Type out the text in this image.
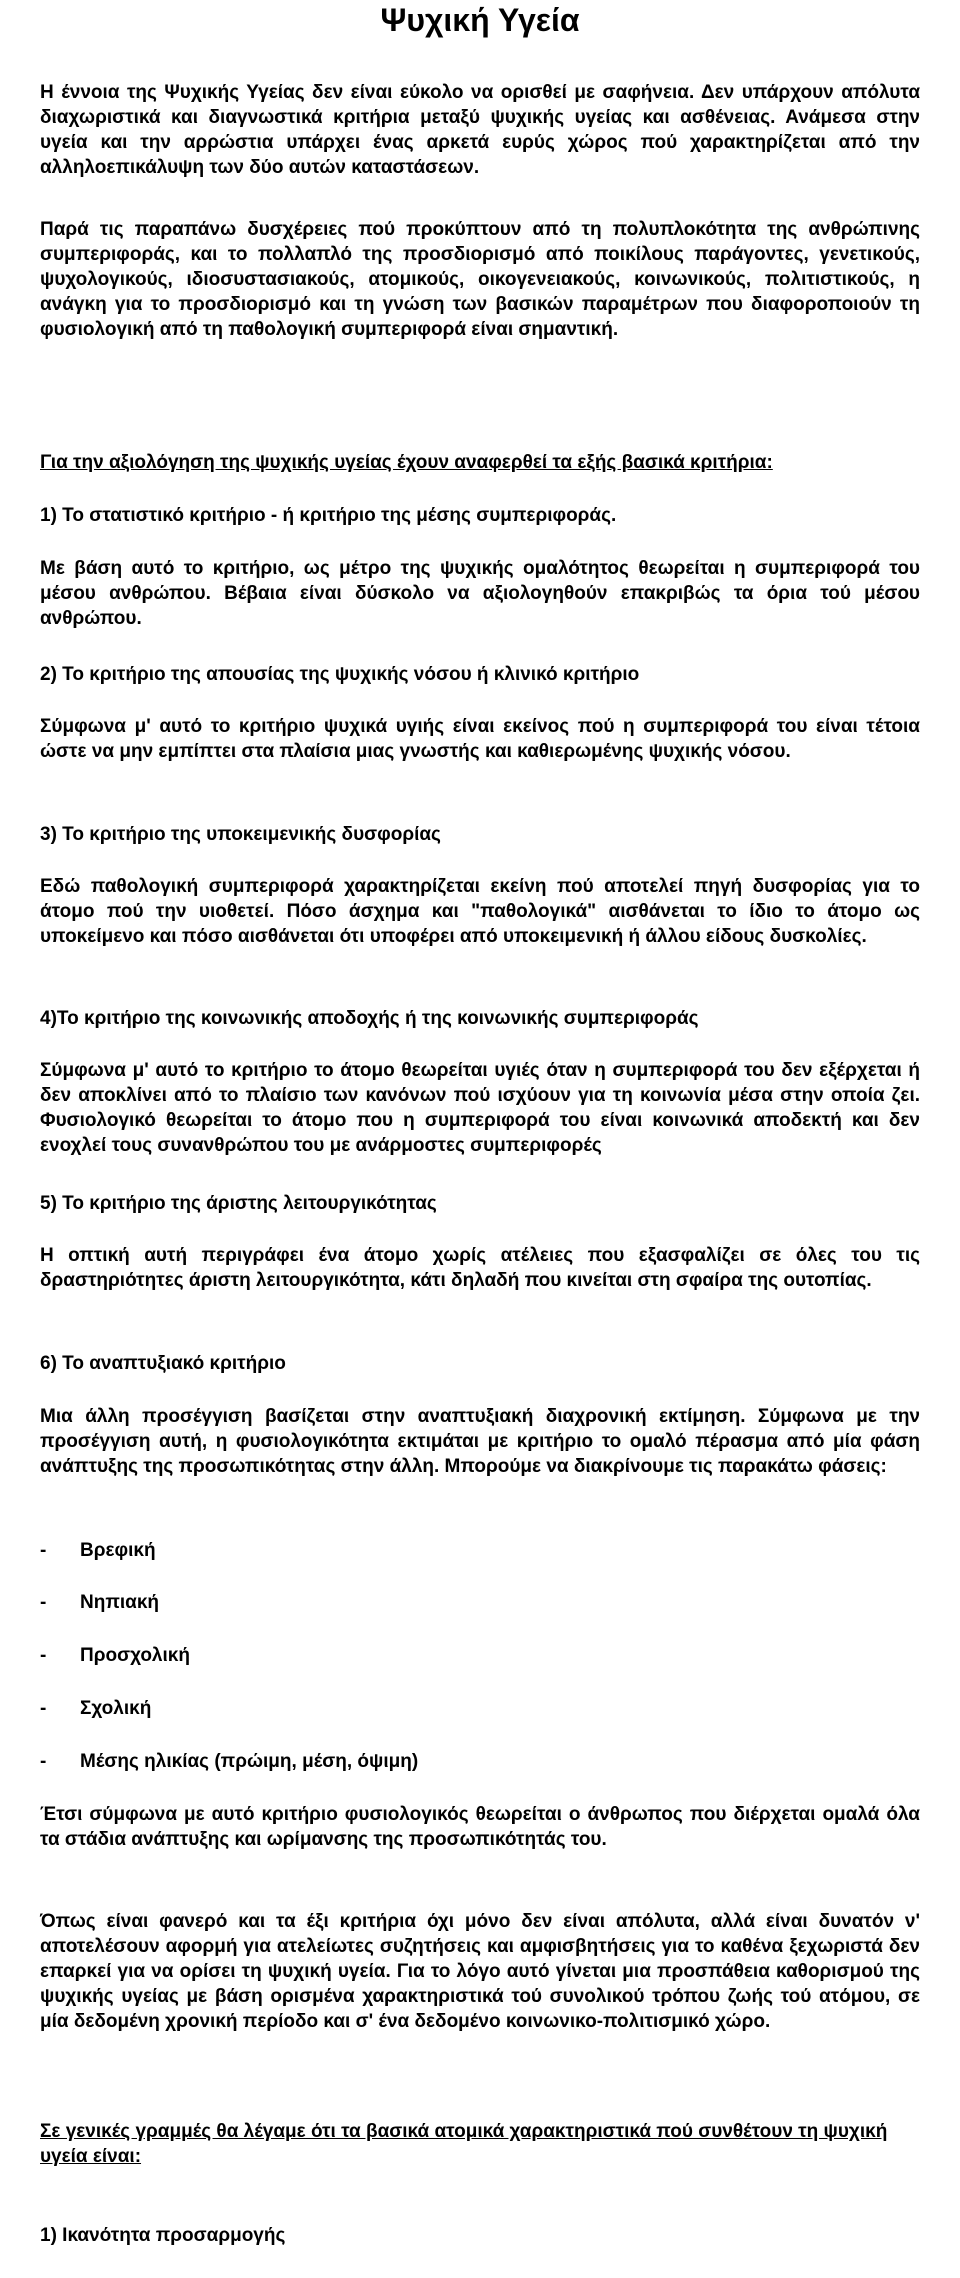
Ψυχική Υγεία

Η έννοια της Ψυχικής Υγείας δεν είναι εύκολο να ορισθεί με σαφήνεια. Δεν υπάρχουν απόλυτα διαχωριστικά και διαγνωστικά κριτήρια μεταξύ ψυχικής υγείας και ασθένειας. Ανάμεσα στην υγεία και την αρρώστια υπάρχει ένας αρκετά ευρύς χώρος πού χαρακτηρίζεται από την αλληλοεπικάλυψη των δύο αυτών καταστάσεων.

Παρά τις παραπάνω δυσχέρειες πού προκύπτουν από τη πολυπλοκότητα της ανθρώπινης συμπεριφοράς, και το πολλαπλό της προσδιορισμό από ποικίλους παράγοντες, γενετικούς, ψυχολογικούς, ιδιοσυστασιακούς, ατομικούς, οικογενειακούς, κοινωνικούς, πολιτιστικούς, η ανάγκη για το προσδιορισμό και τη γνώση των βασικών παραμέτρων που διαφοροποιούν τη φυσιολογική από τη παθολογική συμπεριφορά είναι σημαντική.

Για την αξιολόγηση της ψυχικής υγείας έχουν αναφερθεί τα εξής βασικά κριτήρια:

1) Το στατιστικό κριτήριο - ή κριτήριο της μέσης συμπεριφοράς.

Με βάση αυτό το κριτήριο, ως μέτρο της ψυχικής ομαλότητος θεωρείται η συμπεριφορά του μέσου ανθρώπου. Βέβαια είναι δύσκολο να αξιολογηθούν επακριβώς τα όρια τού μέσου ανθρώπου.

2) Το κριτήριο της απουσίας της ψυχικής νόσου ή κλινικό κριτήριο

Σύμφωνα μ' αυτό το κριτήριο ψυχικά υγιής είναι εκείνος πού η συμπεριφορά του είναι τέτοια ώστε να μην εμπίπτει στα πλαίσια μιας γνωστής και καθιερωμένης ψυχικής νόσου.

3) Το κριτήριο της υποκειμενικής δυσφορίας

Εδώ παθολογική συμπεριφορά χαρακτηρίζεται εκείνη πού αποτελεί πηγή δυσφορίας για το άτομο πού την υιοθετεί. Πόσο άσχημα και "παθολογικά" αισθάνεται το ίδιο το άτομο ως υποκείμενο και πόσο αισθάνεται ότι υποφέρει από υποκειμενική ή άλλου είδους δυσκολίες.

4)Το κριτήριο της κοινωνικής αποδοχής ή της κοινωνικής συμπεριφοράς

Σύμφωνα μ' αυτό το κριτήριο το άτομο θεωρείται υγιές όταν η συμπεριφορά του δεν εξέρχεται ή δεν αποκλίνει από το πλαίσιο των κανόνων πού ισχύουν για τη κοινωνία μέσα στην οποία ζει. Φυσιολογικό θεωρείται το άτομο που η συμπεριφορά του είναι κοινωνικά αποδεκτή και δεν ενοχλεί τους συνανθρώπου του με ανάρμοστες συμπεριφορές

5) Το κριτήριο της άριστης λειτουργικότητας

Η οπτική αυτή περιγράφει ένα άτομο χωρίς ατέλειες που εξασφαλίζει σε όλες του τις δραστηριότητες άριστη λειτουργικότητα, κάτι δηλαδή που κινείται στη σφαίρα της ουτοπίας.

6) Το αναπτυξιακό κριτήριο

Μια άλλη προσέγγιση βασίζεται στην αναπτυξιακή διαχρονική εκτίμηση. Σύμφωνα με την προσέγγιση αυτή, η φυσιολογικότητα εκτιμάται με κριτήριο το ομαλό πέρασμα από μία φάση ανάπτυξης της προσωπικότητας στην άλλη. Μπορούμε να διακρίνουμε τις παρακάτω φάσεις:

- Βρεφική

- Νηπιακή

- Προσχολική

- Σχολική

- Μέσης ηλικίας (πρώιμη, μέση, όψιμη)

Έτσι σύμφωνα με αυτό κριτήριο φυσιολογικός θεωρείται ο άνθρωπος που διέρχεται ομαλά όλα τα στάδια ανάπτυξης και ωρίμανσης της προσωπικότητάς του.

Όπως είναι φανερό και τα έξι κριτήρια όχι μόνο δεν είναι απόλυτα, αλλά είναι δυνατόν ν' αποτελέσουν αφορμή για ατελείωτες συζητήσεις και αμφισβητήσεις για το καθένα ξεχωριστά δεν επαρκεί για να ορίσει τη ψυχική υγεία. Για το λόγο αυτό γίνεται μια προσπάθεια καθορισμού της ψυχικής υγείας με βάση ορισμένα χαρακτηριστικά τού συνολικού τρόπου ζωής τού ατόμου, σε μία δεδομένη χρονική περίοδο και σ' ένα δεδομένο κοινωνικο-πολιτισμικό χώρο.

Σε γενικές γραμμές θα λέγαμε ότι τα βασικά ατομικά χαρακτηριστικά πού συνθέτουν τη ψυχική υγεία είναι:

1) Ικανότητα προσαρμογής
